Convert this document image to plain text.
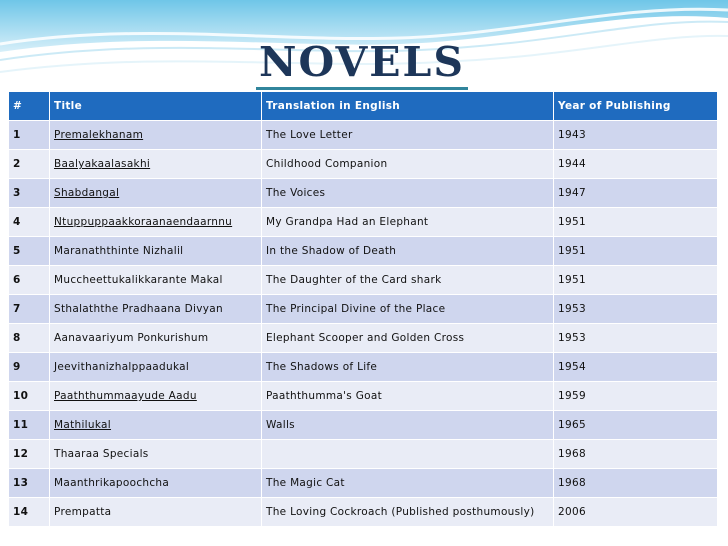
NOVELS
#	Title	Translation in English	Year of Publishing
1	Premalekhanam	The Love Letter	1943
2	Baalyakaalasakhi	Childhood Companion	1944
3	Shabdangal	The Voices	1947
4	Ntuppuppaakkoraanaendaarnnu	My Grandpa Had an Elephant	1951
5	Maranaththinte Nizhalil	In the Shadow of Death	1951
6	Muccheettukalikkarante Makal	The Daughter of the Card shark	1951
7	Sthalaththe Pradhaana Divyan	The Principal Divine of the Place	1953
8	Aanavaariyum Ponkurishum	Elephant Scooper and Golden Cross	1953
9	Jeevithanizhalppaadukal	The Shadows of Life	1954
10	Paaththummaayude Aadu	Paaththumma's Goat	1959
11	Mathilukal	Walls	1965
12	Thaaraa Specials		1968
13	Maanthrikapoochcha	The Magic Cat	1968
14	Prempatta	The Loving Cockroach (Published posthumously)	2006
